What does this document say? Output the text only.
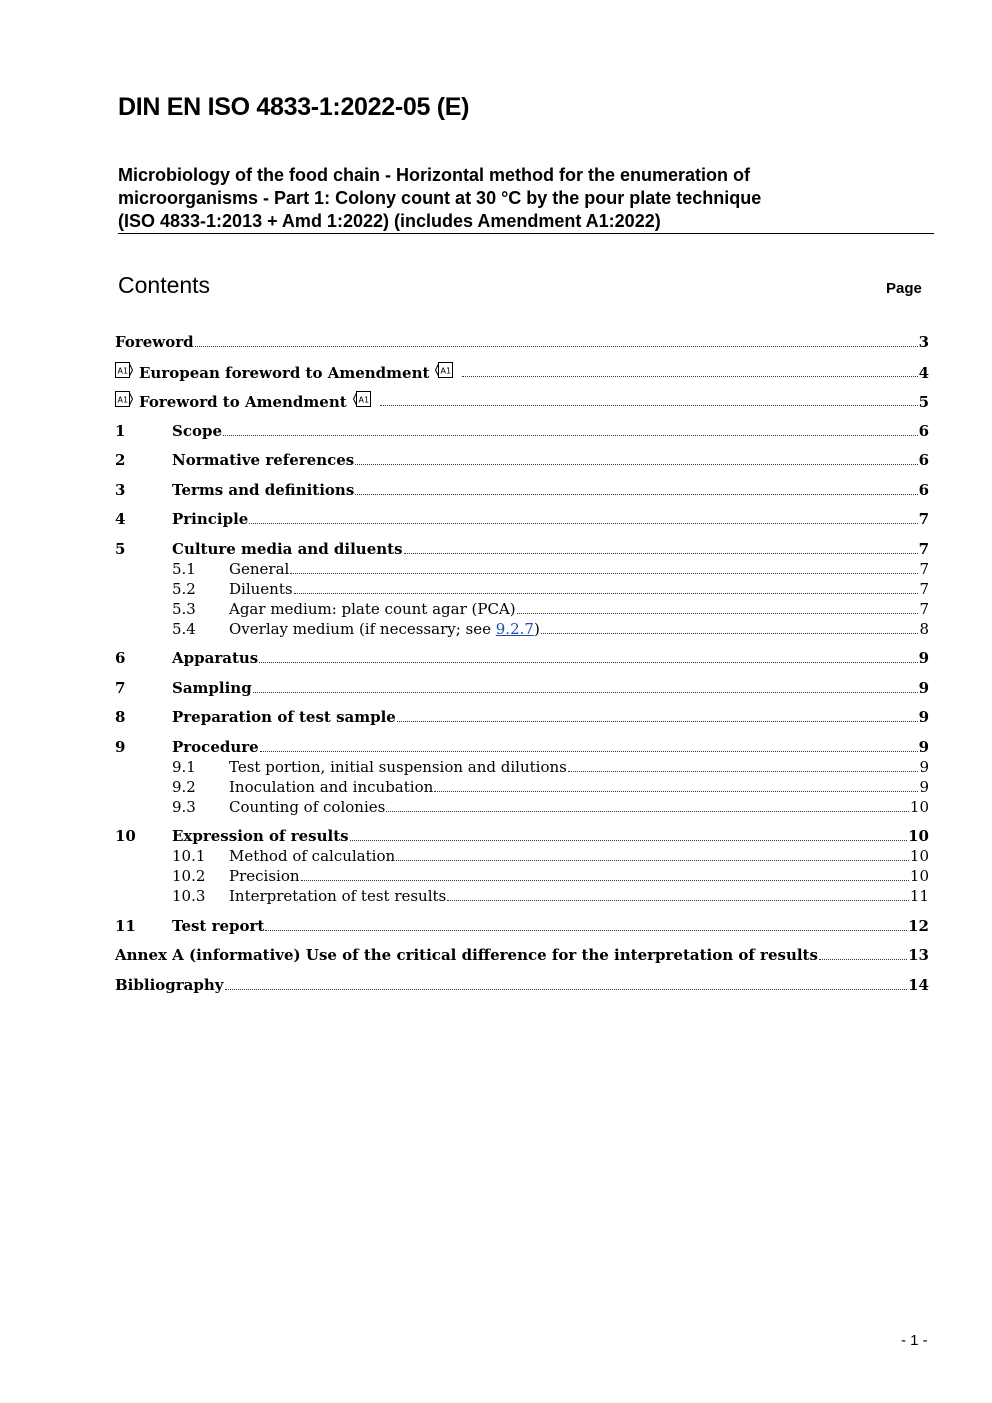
DIN EN ISO 4833-1:2022-05 (E)
Microbiology of the food chain - Horizontal method for the enumeration of
microorganisms - Part 1: Colony count at 30 °C by the pour plate technique
(ISO 4833-1:2013 + Amd 1:2022) (includes Amendment A1:2022)
Contents	Page
Foreword	3
A1 European foreword to Amendment A1	4
A1 Foreword to Amendment A1	5
1	Scope	6
2	Normative references	6
3	Terms and definitions	6
4	Principle	7
5	Culture media and diluents	7
5.1	General	7
5.2	Diluents	7
5.3	Agar medium: plate count agar (PCA)	7
5.4	Overlay medium (if necessary; see 9.2.7)	8
6	Apparatus	9
7	Sampling	9
8	Preparation of test sample	9
9	Procedure	9
9.1	Test portion, initial suspension and dilutions	9
9.2	Inoculation and incubation	9
9.3	Counting of colonies	10
10	Expression of results	10
10.1	Method of calculation	10
10.2	Precision	10
10.3	Interpretation of test results	11
11	Test report	12
Annex A (informative) Use of the critical difference for the interpretation of results	13
Bibliography	14
- 1 -
